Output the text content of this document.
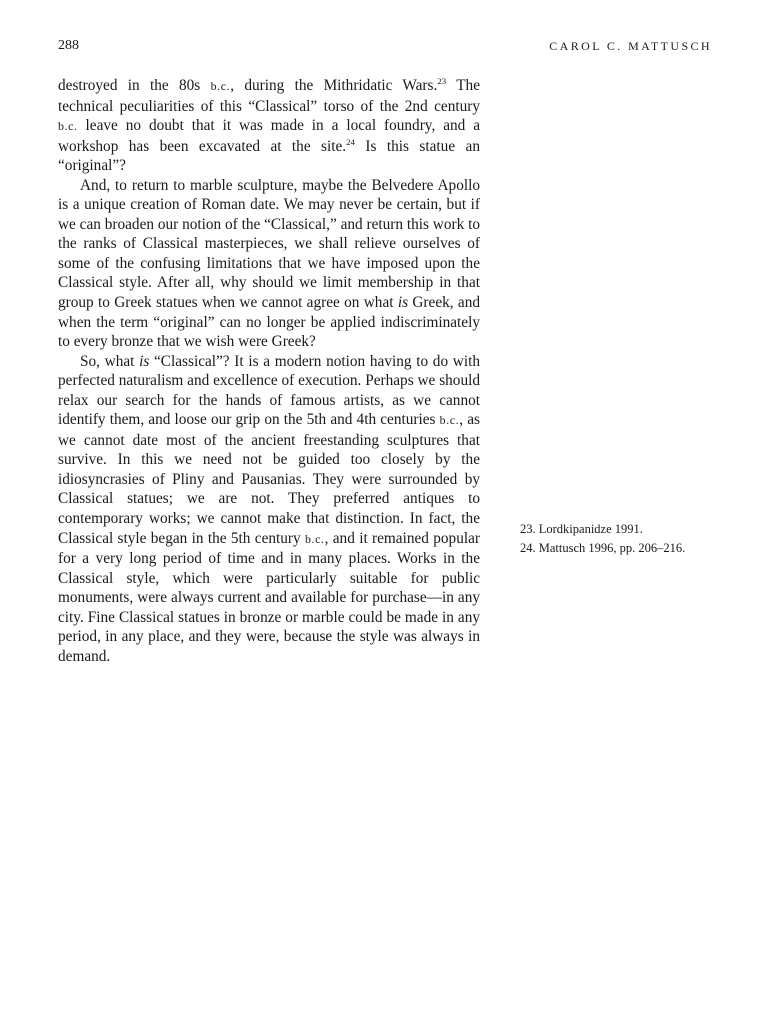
288	CAROL C. MATTUSCH

destroyed in the 80s b.c., during the Mithridatic Wars.$^{23}$ The technical peculiarities of this “Classical” torso of the 2nd century b.c. leave no doubt that it was made in a local foundry, and a workshop has been excavated at the site.$^{24}$ Is this statue an “original”?

And, to return to marble sculpture, maybe the Belvedere Apollo is a unique creation of Roman date. We may never be certain, but if we can broaden our notion of the “Classical,” and return this work to the ranks of Classical masterpieces, we shall relieve ourselves of some of the confusing limitations that we have imposed upon the Classical style. After all, why should we limit membership in that group to Greek statues when we cannot agree on what is Greek, and when the term “original” can no longer be applied indiscriminately to every bronze that we wish were Greek?

So, what is “Classical”? It is a modern notion having to do with perfected naturalism and excellence of execution. Perhaps we should relax our search for the hands of famous artists, as we cannot identify them, and loose our grip on the 5th and 4th centuries b.c., as we cannot date most of the ancient freestanding sculptures that survive. In this we need not be guided too closely by the idiosyncrasies of Pliny and Pausanias. They were surrounded by Classical statues; we are not. They preferred antiques to contemporary works; we cannot make that distinction. In fact, the Classical style began in the 5th century b.c., and it remained popular for a very long period of time and in many places. Works in the Classical style, which were particularly suitable for public monuments, were always current and available for purchase—in any city. Fine Classical statues in bronze or marble could be made in any period, in any place, and they were, because the style was always in demand.

23. Lordkipanidze 1991.
24. Mattusch 1996, pp. 206–216.
